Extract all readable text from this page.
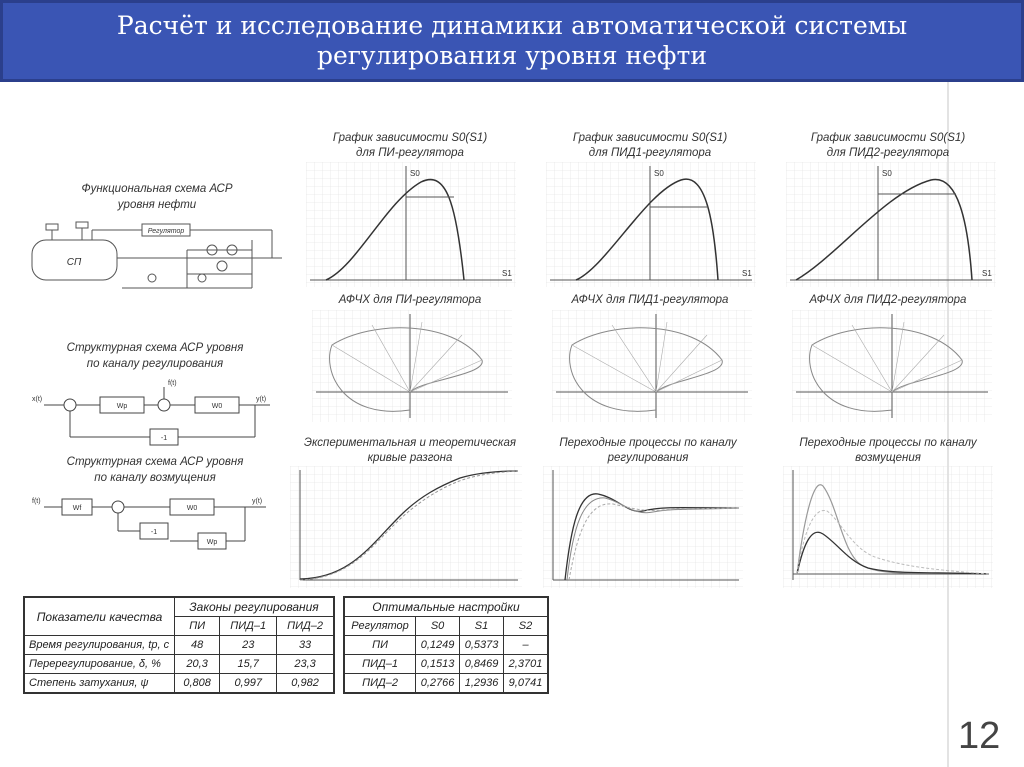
Расчёт и исследование динамики автоматической системы
регулирования уровня нефти
12
Функциональная схема АСР
уровня нефти
СП
Регулятор
Структурная схема АСР уровня
по каналу регулирования
x(t)
f(t)
y(t)
Wр	W0
-1
Структурная схема АСР уровня
по каналу возмущения
f(t)	y(t)
Wf	W0
-1
Wр
График зависимости S0(S1)
для ПИ-регулятора
График зависимости S0(S1)
для ПИД1-регулятора
График зависимости S0(S1)
для ПИД2-регулятора
АФЧХ для ПИ-регулятора	АФЧХ для ПИД1-регулятора	АФЧХ для ПИД2-регулятора
Экспериментальная и теоретическая
кривые разгона
Переходные процессы по каналу
регулирования
Переходные процессы по каналу
возмущения
S0
S1
S0
S1
S0
S1
Показатели качества	Законы регулирования		
	ПИ	ПИД–1	ПИД–2
Время регулирования, tр, с	48	23	33
Перерегулирование, δ, %	20,3	15,7	23,3
Степень затухания, ψ	0,808	0,997	0,982
Оптимальные настройки			
Регулятор	S0	S1	S2
ПИ	0,1249	0,5373	–
ПИД–1	0,1513	0,8469	2,3701
ПИД–2	0,2766	1,2936	9,0741
